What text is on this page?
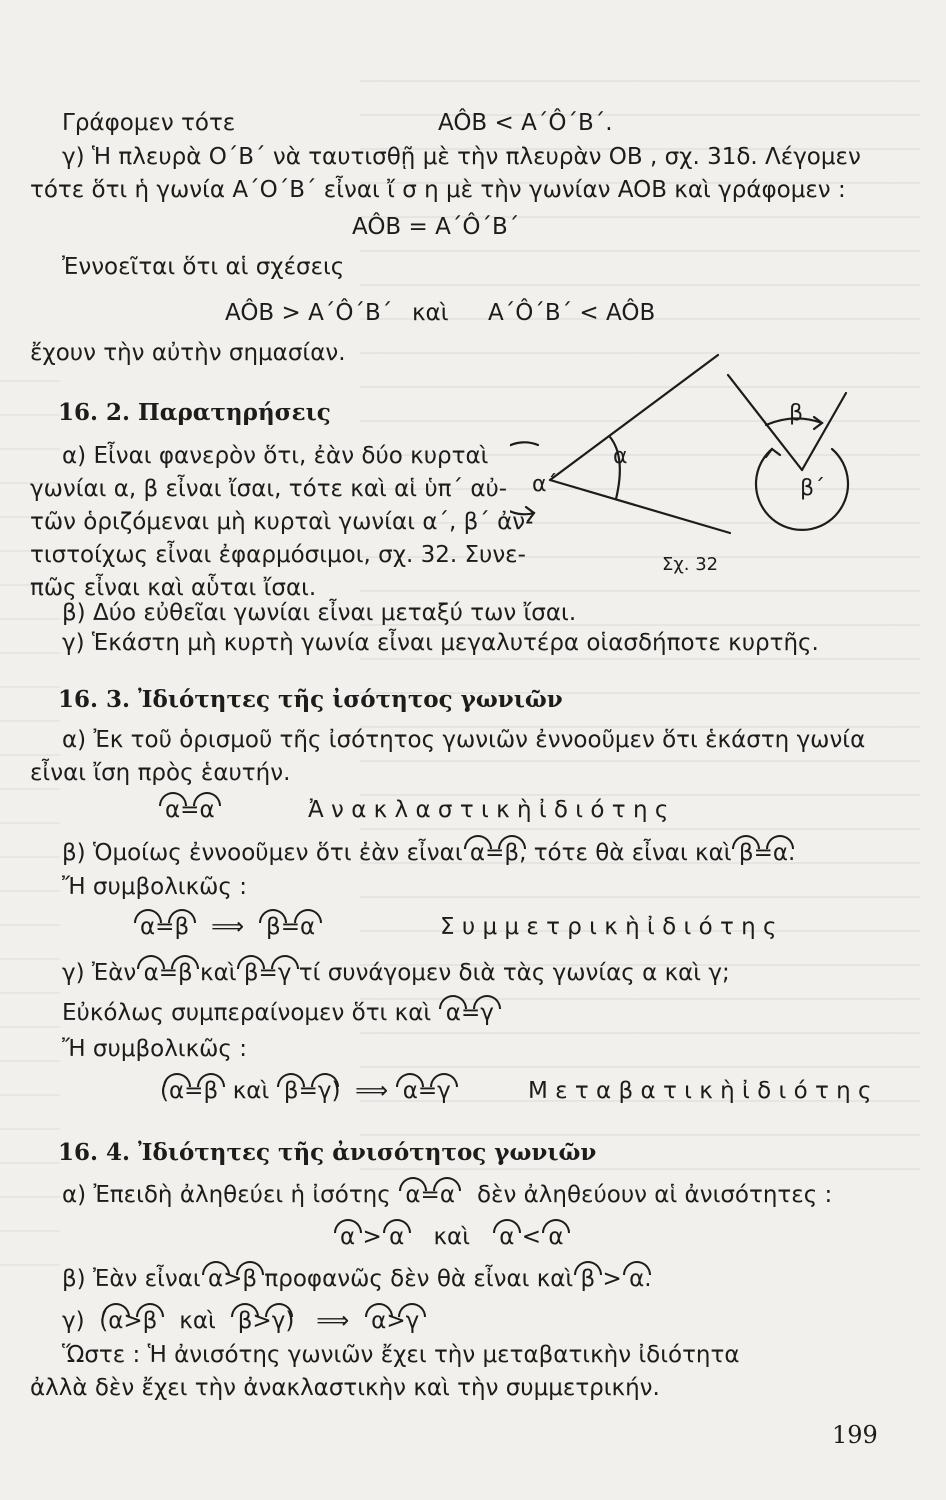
Γράφομεν τότε	AÔB < A΄Ô΄B΄.
γ) Ἡ πλευρὰ O΄B΄ νὰ ταυτισθῇ μὲ τὴν πλευρὰν OB , σχ. 31δ. Λέγομεν
τότε ὅτι ἡ γωνία A΄O΄B΄ εἶναι ἴ σ η μὲ τὴν γωνίαν AOB καὶ γράφομεν :
AÔB = A΄Ô΄B΄
Ἐννοεῖται ὅτι αἱ σχέσεις
AÔB > A΄Ô΄B΄ καὶ A΄Ô΄B΄ < AÔB
ἔχουν τὴν αὐτὴν σημασίαν.
16. 2. Παρατηρήσεις
α) Εἶναι φανερὸν ὅτι, ἐὰν δύο κυρταὶ
γωνίαι α, β εἶναι ἴσαι, τότε καὶ αἱ ὑπ΄ αὐ-
τῶν ὁριζόμεναι μὴ κυρταὶ γωνίαι α΄, β΄ ἀν-
τιστοίχως εἶναι ἐφαρμόσιμοι, σχ. 32. Συνε-
πῶς εἶναι καὶ αὗται ἴσαι.
α
α΄
β
β΄
Σχ. 32
β) Δύο εὐθεῖαι γωνίαι εἶναι μεταξύ των ἴσαι.
γ) Ἑκάστη μὴ κυρτὴ γωνία εἶναι μεγαλυτέρα οἱασδήποτε κυρτῆς.
16. 3. Ἰδιότητες τῆς ἰσότητος γωνιῶν
α) Ἐκ τοῦ ὁρισμοῦ τῆς ἰσότητος γωνιῶν ἐννοοῦμεν ὅτι ἑκάστη γωνία
εἶναι ἴση πρὸς ἑαυτήν.
α=α	Ἀ ν α κ λ α σ τ ι κ ὴ ἰ δ ι ό τ η ς
β) Ὁμοίως ἐννοοῦμεν ὅτι ἐὰν εἶναι α=β, τότε θὰ εἶναι καὶ β=α.
Ἤ συμβολικῶς :
α=β ⟹ β=α	Σ υ μ μ ε τ ρ ι κ ὴ ἰ δ ι ό τ η ς
γ) Ἐὰν α=β καὶ β=γ τί συνάγομεν διὰ τὰς γωνίας α καὶ γ;
Εὐκόλως συμπεραίνομεν ὅτι καὶ α=γ
Ἤ συμβολικῶς :
(α=β καὶ β=γ) ⟹ α=γ	Μ ε τ α β α τ ι κ ὴ ἰ δ ι ό τ η ς
16. 4. Ἰδιότητες τῆς ἀνισότητος γωνιῶν
α) Ἐπειδὴ ἀληθεύει ἡ ἰσότης α=α δὲν ἀληθεύουν αἱ ἀνισότητες :
α > α καὶ α < α
β) Ἐὰν εἶναι α>β προφανῶς δὲν θὰ εἶναι καὶ β > α.
γ) (α>β καὶ β>γ) ⟹ α>γ
Ὥστε : Ἡ ἀνισότης γωνιῶν ἔχει τὴν μεταβατικὴν ἰδιότητα
ἀλλὰ δὲν ἔχει τὴν ἀνακλαστικὴν καὶ τὴν συμμετρικήν.
199
